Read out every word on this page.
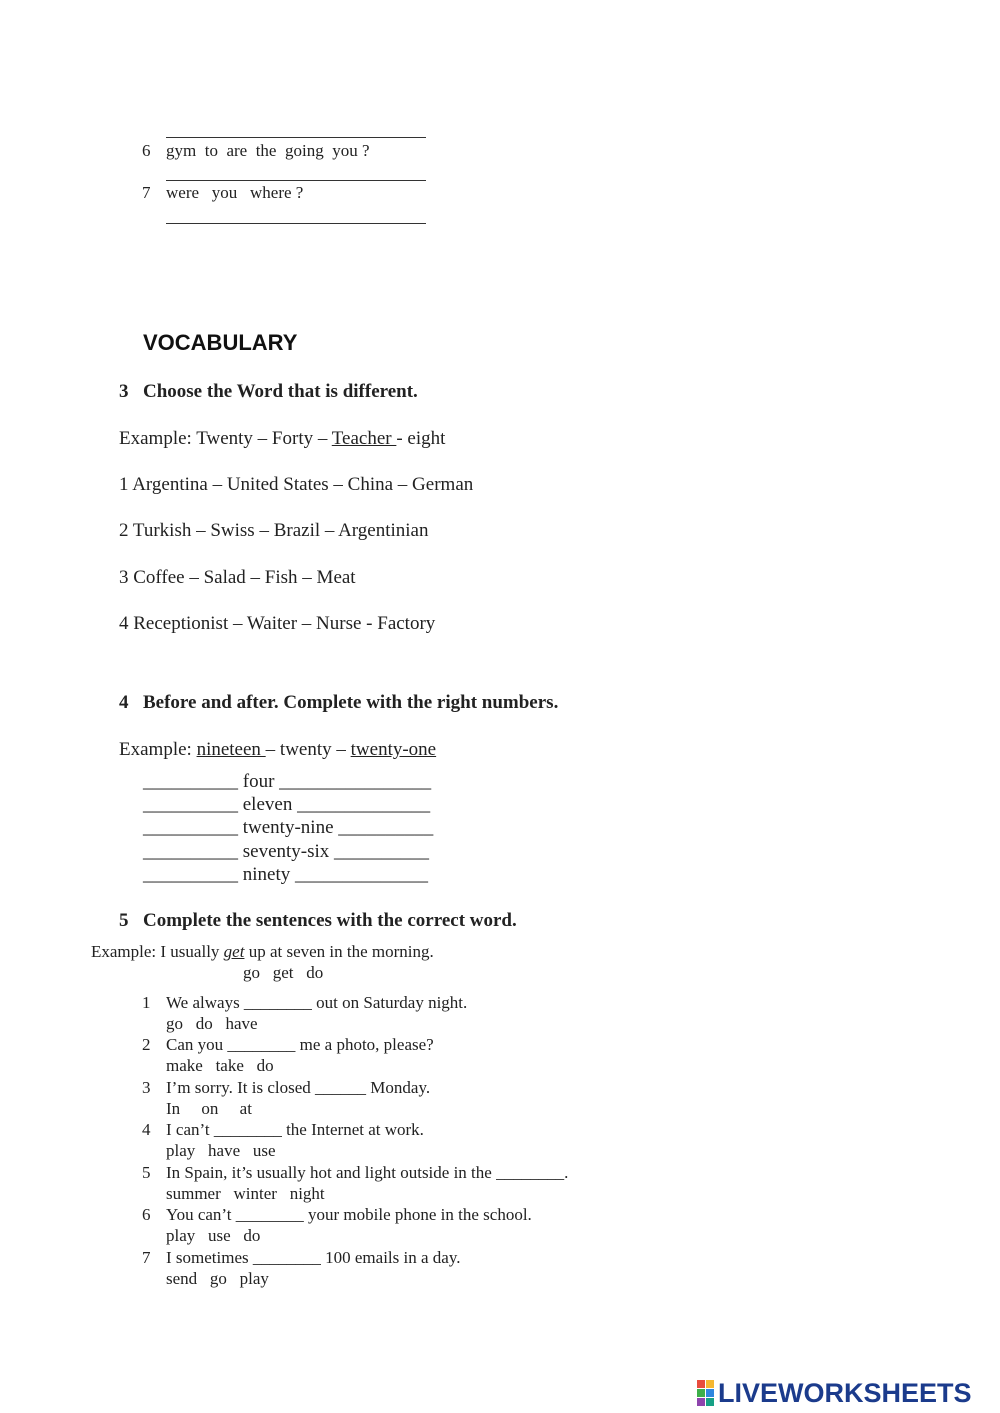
6 gym  to  are  the  going  you ?
7 were   you   where ?
VOCABULARY
3 Choose the Word that is different.
Example: Twenty – Forty – Teacher - eight
1 Argentina – United States – China – German
2 Turkish – Swiss – Brazil – Argentinian
3 Coffee – Salad – Fish – Meat
4 Receptionist – Waiter – Nurse - Factory
4 Before and after. Complete with the right numbers.
Example: nineteen – twenty – twenty-one
__________ four ________________
__________ eleven ______________
__________ twenty-nine __________
__________ seventy-six __________
__________ ninety ______________
5 Complete the sentences with the correct word.
Example: I usually get up at seven in the morning.
go   get   do
1 We always ________ out on Saturday night.
go   do   have
2 Can you ________ me a photo, please?
make   take   do
3 I’m sorry. It is closed ______ Monday.
In     on     at
4 I can’t ________ the Internet at work.
play   have   use
5 In Spain, it’s usually hot and light outside in the ________.
summer   winter   night
6 You can’t ________ your mobile phone in the school.
play   use   do
7 I sometimes ________ 100 emails in a day.
send   go   play
LIVEWORKSHEETS
